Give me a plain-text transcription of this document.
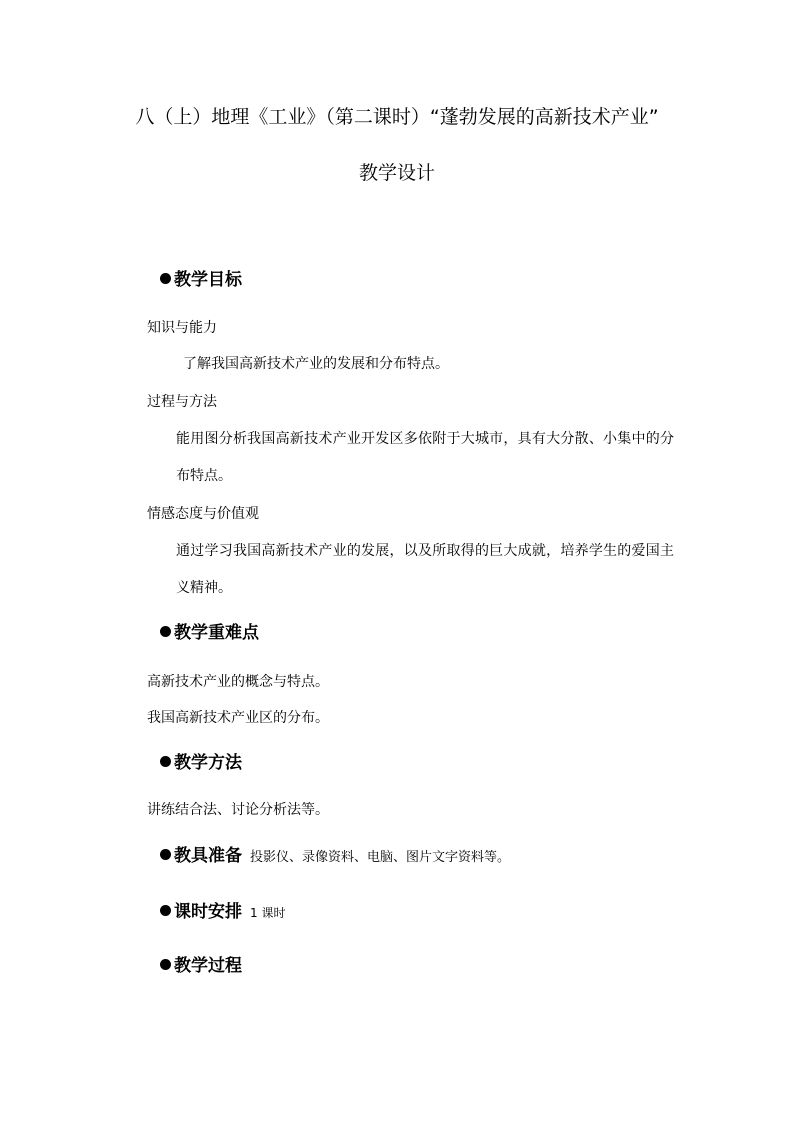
八（上）地理《工业》（第二课时）“蓬勃发展的高新技术产业”
教学设计
教学目标
知识与能力
了解我国高新技术产业的发展和分布特点。
过程与方法
能用图分析我国高新技术产业开发区多依附于大城市，具有大分散、小集中的分布特点。
情感态度与价值观
通过学习我国高新技术产业的发展，以及所取得的巨大成就，培养学生的爱国主义精神。
教学重难点
高新技术产业的概念与特点。
我国高新技术产业区的分布。
教学方法
讲练结合法、讨论分析法等。
教具准备 投影仪、录像资料、电脑、图片文字资料等。
课时安排 1 课时
教学过程
